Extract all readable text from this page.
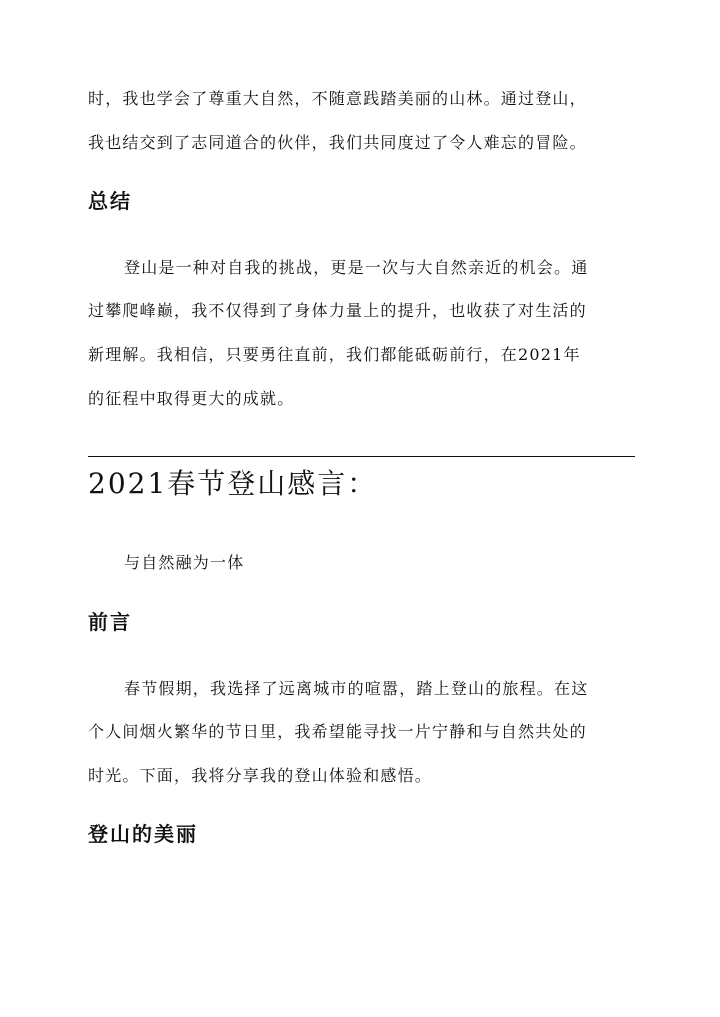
时，我也学会了尊重大自然，不随意践踏美丽的山林。通过登山，
我也结交到了志同道合的伙伴，我们共同度过了令人难忘的冒险。
总结
登山是一种对自我的挑战，更是一次与大自然亲近的机会。通
过攀爬峰巅，我不仅得到了身体力量上的提升，也收获了对生活的
新理解。我相信，只要勇往直前，我们都能砥砺前行，在2021年
的征程中取得更大的成就。
2021春节登山感言：
与自然融为一体
前言
春节假期，我选择了远离城市的喧嚣，踏上登山的旅程。在这
个人间烟火繁华的节日里，我希望能寻找一片宁静和与自然共处的
时光。下面，我将分享我的登山体验和感悟。
登山的美丽
